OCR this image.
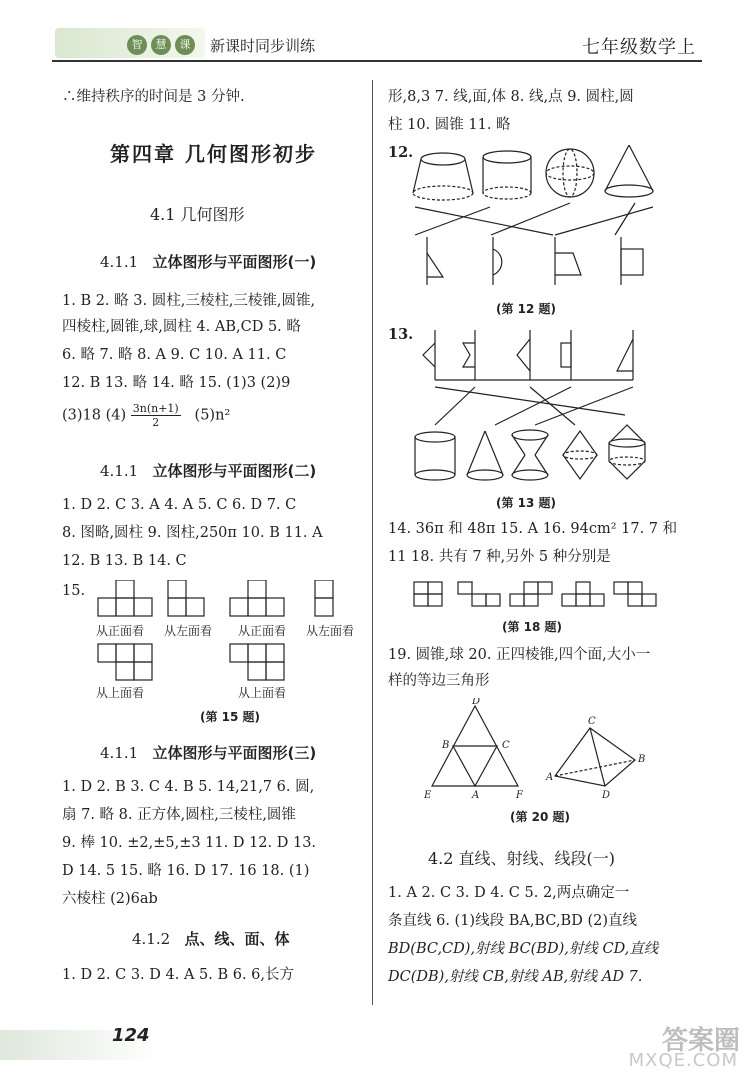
智 慧 课	新课时同步训练	七年级数学上
∴维持秩序的时间是 3 分钟.
第四章 几何图形初步
4.1 几何图形
4.1.1 立体图形与平面图形(一)
1. B 2. 略 3. 圆柱,三棱柱,三棱锥,圆锥,
四棱柱,圆锥,球,圆柱 4. AB,CD 5. 略
6. 略 7. 略 8. A 9. C 10. A 11. C
12. B 13. 略 14. 略 15. (1)3 (2)9
(3)18 $(4) \frac{3n(n+1)}{2} (5)n^2$
4.1.1 立体图形与平面图形(二)
1. D 2. C 3. A 4. A 5. C 6. D 7. C
8. 图略,圆柱 9. 图柱,250π 10. B 11. A
12. B 13. B 14. C
15.
从正面看 从左面看 从正面看 从左面看
从上面看	从上面看
(第 15 题)
4.1.1 立体图形与平面图形(三)
1. D 2. B 3. C 4. B 5. 14,21,7 6. 圆,
扇 7. 略 8. 正方体,圆柱,三棱柱,圆锥
9. 棒 10. ±2,±5,±3 11. D 12. D 13.
D 14. 5 15. 略 16. D 17. 16 18. (1)
六棱柱 (2)6ab
4.1.2 点、线、面、体
1. D 2. C 3. D 4. A 5. B 6. 6,长方
形,8,3 7. 线,面,体 8. 线,点 9. 圆柱,圆
柱 10. 圆锥 11. 略
12.
(第 12 题)
13.
(第 13 题)
14. 36π 和 48π 15. A 16. 94cm² 17. 7 和
11 18. 共有 7 种,另外 5 种分别是
(第 18 题)
19. 圆锥,球 20. 正四棱锥,四个面,大小一
样的等边三角形
D
B	C
E	A	F
C
B
A
D
(第 20 题)
4.2 直线、射线、线段(一)
1. A 2. C 3. D 4. C 5. 2,两点确定一
条直线 6. (1)线段 BA,BC,BD (2)直线
BD(BC,CD),射线 BC(BD),射线 CD,直线
DC(DB),射线 CB,射线 AB,射线 AD 7.
124	答案圈
MXQE.COM
